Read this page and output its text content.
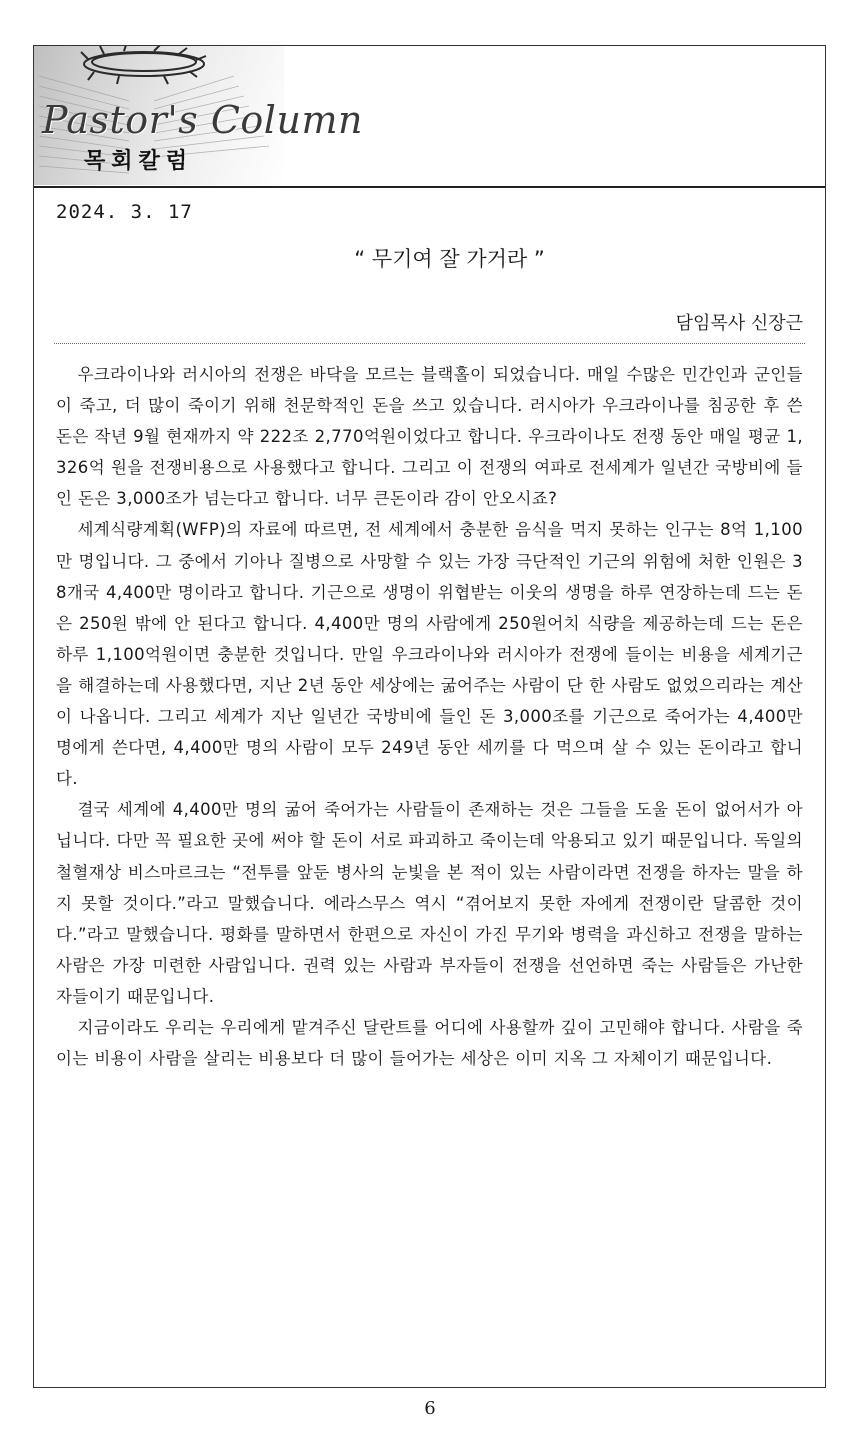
Pastor's Column
목회칼럼
2024. 3. 17
“ 무기여 잘 가거라 ”
담임목사 신장근

우크라이나와 러시아의 전쟁은 바닥을 모르는 블랙홀이 되었습니다. 매일 수많은 민간인과 군인들이 죽고, 더 많이 죽이기 위해 천문학적인 돈을 쓰고 있습니다. 러시아가 우크라이나를 침공한 후 쓴 돈은 작년 9월 현재까지 약 222조 2,770억원이었다고 합니다. 우크라이나도 전쟁 동안 매일 평균 1,326억 원을 전쟁비용으로 사용했다고 합니다. 그리고 이 전쟁의 여파로 전세계가 일년간 국방비에 들인 돈은 3,000조가 넘는다고 합니다. 너무 큰돈이라 감이 안오시죠?

세계식량계획(WFP)의 자료에 따르면, 전 세계에서 충분한 음식을 먹지 못하는 인구는 8억 1,100만 명입니다. 그 중에서 기아나 질병으로 사망할 수 있는 가장 극단적인 기근의 위험에 처한 인원은 38개국 4,400만 명이라고 합니다. 기근으로 생명이 위협받는 이웃의 생명을 하루 연장하는데 드는 돈은 250원 밖에 안 된다고 합니다. 4,400만 명의 사람에게 250원어치 식량을 제공하는데 드는 돈은 하루 1,100억원이면 충분한 것입니다. 만일 우크라이나와 러시아가 전쟁에 들이는 비용을 세계기근을 해결하는데 사용했다면, 지난 2년 동안 세상에는 굶어주는 사람이 단 한 사람도 없었으리라는 계산이 나옵니다. 그리고 세계가 지난 일년간 국방비에 들인 돈 3,000조를 기근으로 죽어가는 4,400만 명에게 쓴다면, 4,400만 명의 사람이 모두 249년 동안 세끼를 다 먹으며 살 수 있는 돈이라고 합니다.

결국 세계에 4,400만 명의 굶어 죽어가는 사람들이 존재하는 것은 그들을 도울 돈이 없어서가 아닙니다. 다만 꼭 필요한 곳에 써야 할 돈이 서로 파괴하고 죽이는데 악용되고 있기 때문입니다. 독일의 철혈재상 비스마르크는 “전투를 앞둔 병사의 눈빛을 본 적이 있는 사람이라면 전쟁을 하자는 말을 하지 못할 것이다.”라고 말했습니다. 에라스무스 역시 “겪어보지 못한 자에게 전쟁이란 달콤한 것이다.”라고 말했습니다. 평화를 말하면서 한편으로 자신이 가진 무기와 병력을 과신하고 전쟁을 말하는 사람은 가장 미련한 사람입니다. 권력 있는 사람과 부자들이 전쟁을 선언하면 죽는 사람들은 가난한 자들이기 때문입니다.

지금이라도 우리는 우리에게 맡겨주신 달란트를 어디에 사용할까 깊이 고민해야 합니다. 사람을 죽이는 비용이 사람을 살리는 비용보다 더 많이 들어가는 세상은 이미 지옥 그 자체이기 때문입니다.

6
